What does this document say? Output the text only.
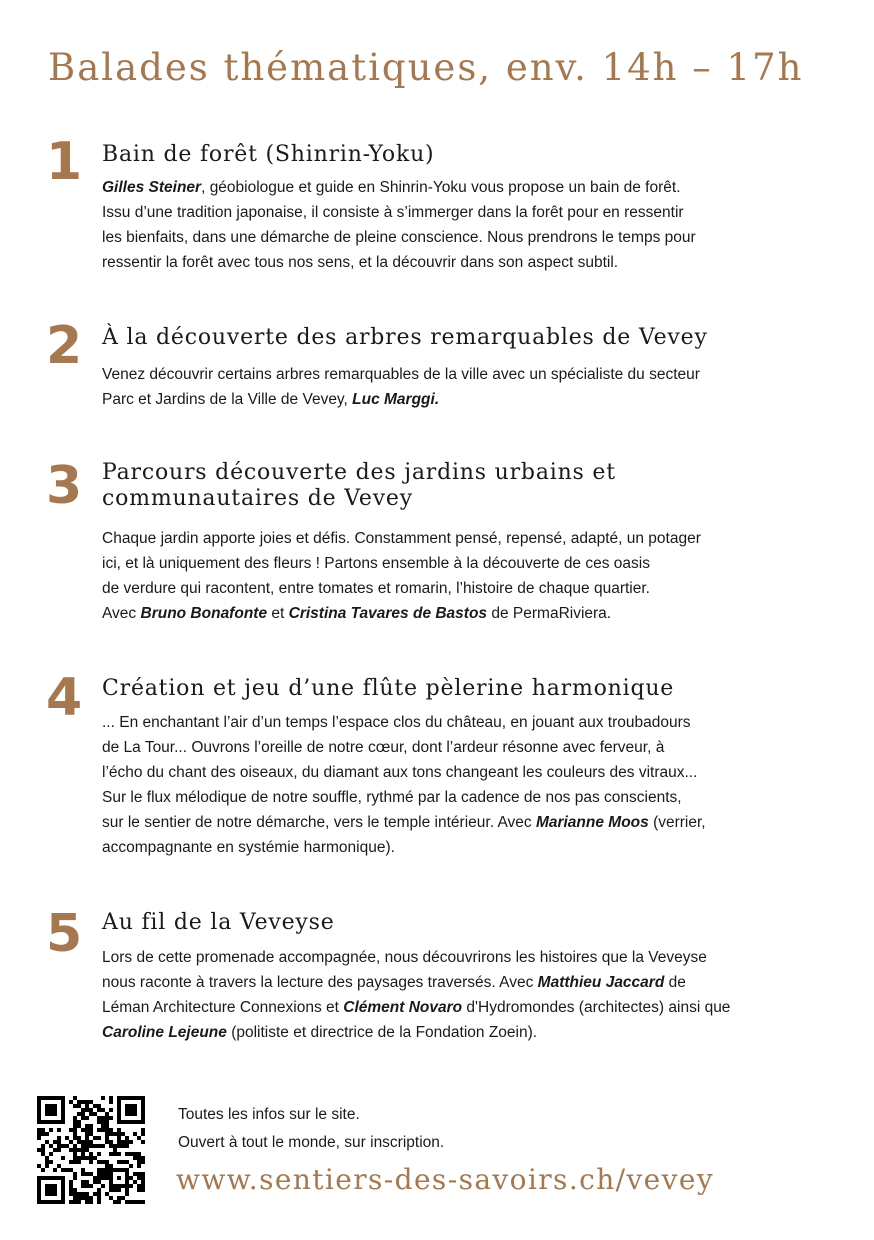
Balades thématiques, env. 14h – 17h
1 Bain de forêt (Shinrin-Yoku)

Gilles Steiner, géobiologue et guide en Shinrin-Yoku vous propose un bain de forêt.

Issu d’une tradition japonaise, il consiste à s’immerger dans la forêt pour en ressentir

les bienfaits, dans une démarche de pleine conscience. Nous prendrons le temps pour

ressentir la forêt avec tous nos sens, et la découvrir dans son aspect subtil.

2 À la découverte des arbres remarquables de Vevey

Venez découvrir certains arbres remarquables de la ville avec un spécialiste du secteur

Parc et Jardins de la Ville de Vevey, Luc Marggi.

3 Parcours découverte des jardins urbains et
communautaires de Vevey

Chaque jardin apporte joies et défis. Constamment pensé, repensé, adapté, un potager

ici, et là uniquement des fleurs ! Partons ensemble à la découverte de ces oasis

de verdure qui racontent, entre tomates et romarin, l’histoire de chaque quartier.

Avec Bruno Bonafonte et Cristina Tavares de Bastos de PermaRiviera.

4 Création et jeu d’une flûte pèlerine harmonique

... En enchantant l’air d’un temps l’espace clos du château, en jouant aux troubadours

de La Tour... Ouvrons l’oreille de notre cœur, dont l’ardeur résonne avec ferveur, à

l’écho du chant des oiseaux, du diamant aux tons changeant les couleurs des vitraux...

Sur le flux mélodique de notre souffle, rythmé par la cadence de nos pas conscients,

sur le sentier de notre démarche, vers le temple intérieur. Avec Marianne Moos (verrier,

accompagnante en systémie harmonique).

5 Au fil de la Veveyse

Lors de cette promenade accompagnée, nous découvrirons les histoires que la Veveyse

nous raconte à travers la lecture des paysages traversés. Avec Matthieu Jaccard de

Léman Architecture Connexions et Clément Novaro d'Hydromondes (architectes) ainsi que

Caroline Lejeune (politiste et directrice de la Fondation Zoein).

Toutes les infos sur le site.
Ouvert à tout le monde, sur inscription.
www.sentiers-des-savoirs.ch/vevey
